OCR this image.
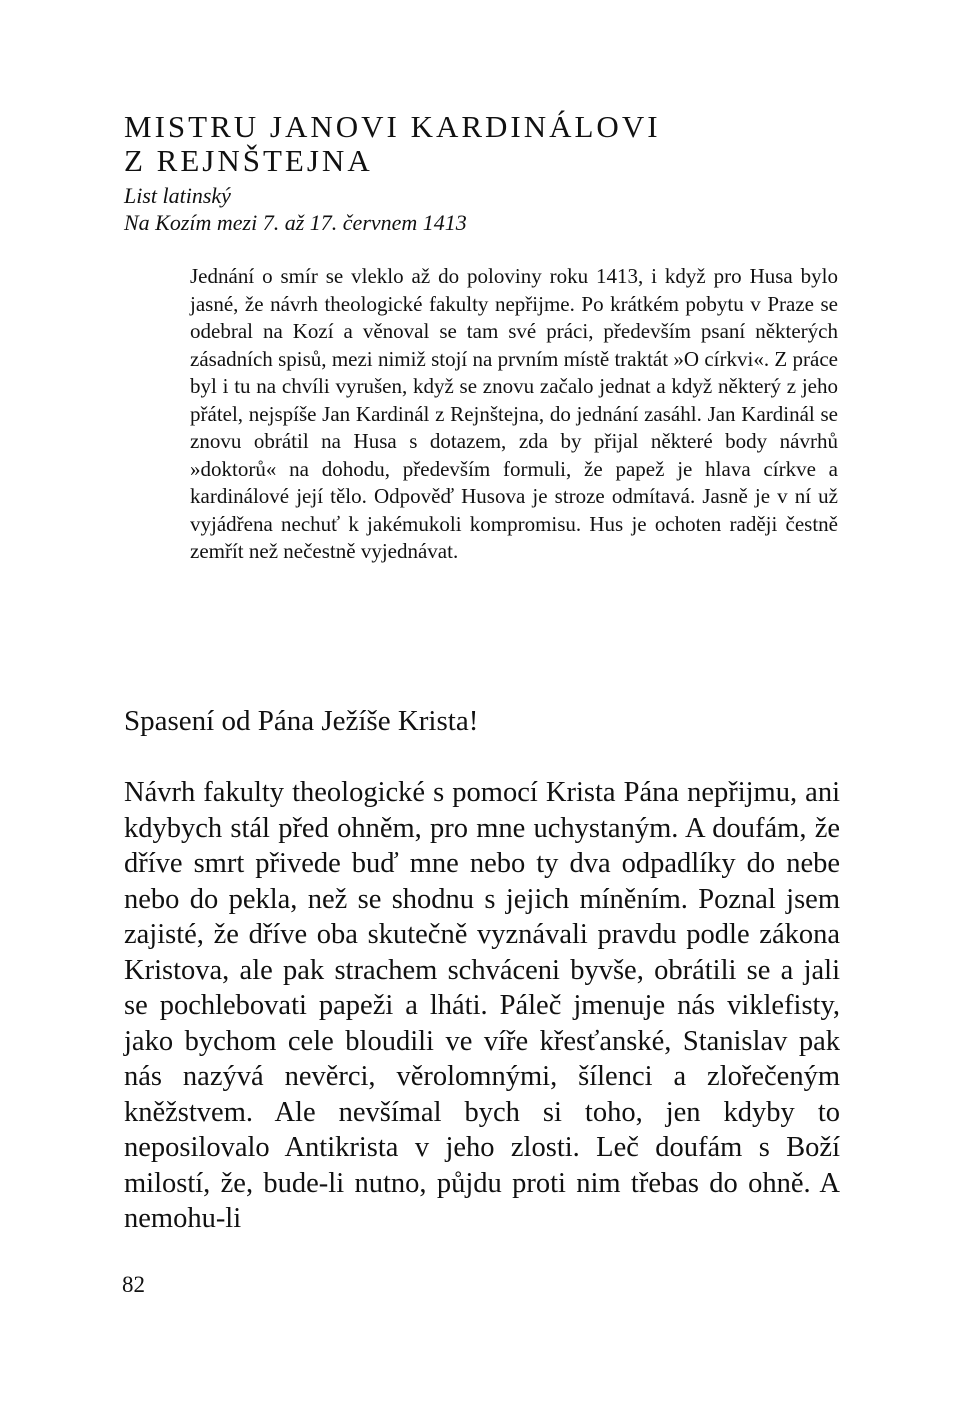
MISTRU JANOVI KARDINÁLOVI
Z REJNŠTEJNA
List latinský
Na Kozím mezi 7. až 17. červnem 1413

Jednání o smír se vleklo až do poloviny roku 1413, i když pro Husa bylo jasné, že návrh theologické fakulty nepřijme. Po krátkém pobytu v Praze se odebral na Kozí a věnoval se tam své práci, především psaní některých zásadních spisů, mezi nimiž stojí na prvním místě traktát »O církvi«. Z práce byl i tu na chvíli vyrušen, když se znovu začalo jednat a když některý z jeho přátel, nejspíše Jan Kardinál z Rejnštejna, do jednání zasáhl. Jan Kardinál se znovu obrátil na Husa s dotazem, zda by přijal některé body návrhů »doktorů« na dohodu, především formuli, že papež je hlava církve a kardinálové její tělo. Odpověď Husova je stroze odmítavá. Jasně je v ní už vyjádřena nechuť k jakémukoli kompromisu. Hus je ochoten raději čestně zemřít než nečestně vyjednávat.

Spasení od Pána Ježíše Krista!

Návrh fakulty theologické s pomocí Krista Pána nepřijmu, ani kdybych stál před ohněm, pro mne uchystaným. A doufám, že dříve smrt přivede buď mne nebo ty dva odpadlíky do nebe nebo do pekla, než se shodnu s jejich míněním. Poznal jsem zajisté, že dříve oba skutečně vyznávali pravdu podle zákona Kristova, ale pak strachem schváceni byvše, obrátili se a jali se pochlebovati papeži a lháti. Páleč jmenuje nás viklefisty, jako bychom cele bloudili ve víře křesťanské, Stanislav pak nás nazývá nevěrci, věrolomnými, šílenci a zlořečeným kněžstvem. Ale nevšímal bych si toho, jen kdyby to neposilovalo Antikrista v jeho zlosti. Leč doufám s Boží milostí, že, bude-li nutno, půjdu proti nim třebas do ohně. A nemohu-li

82
